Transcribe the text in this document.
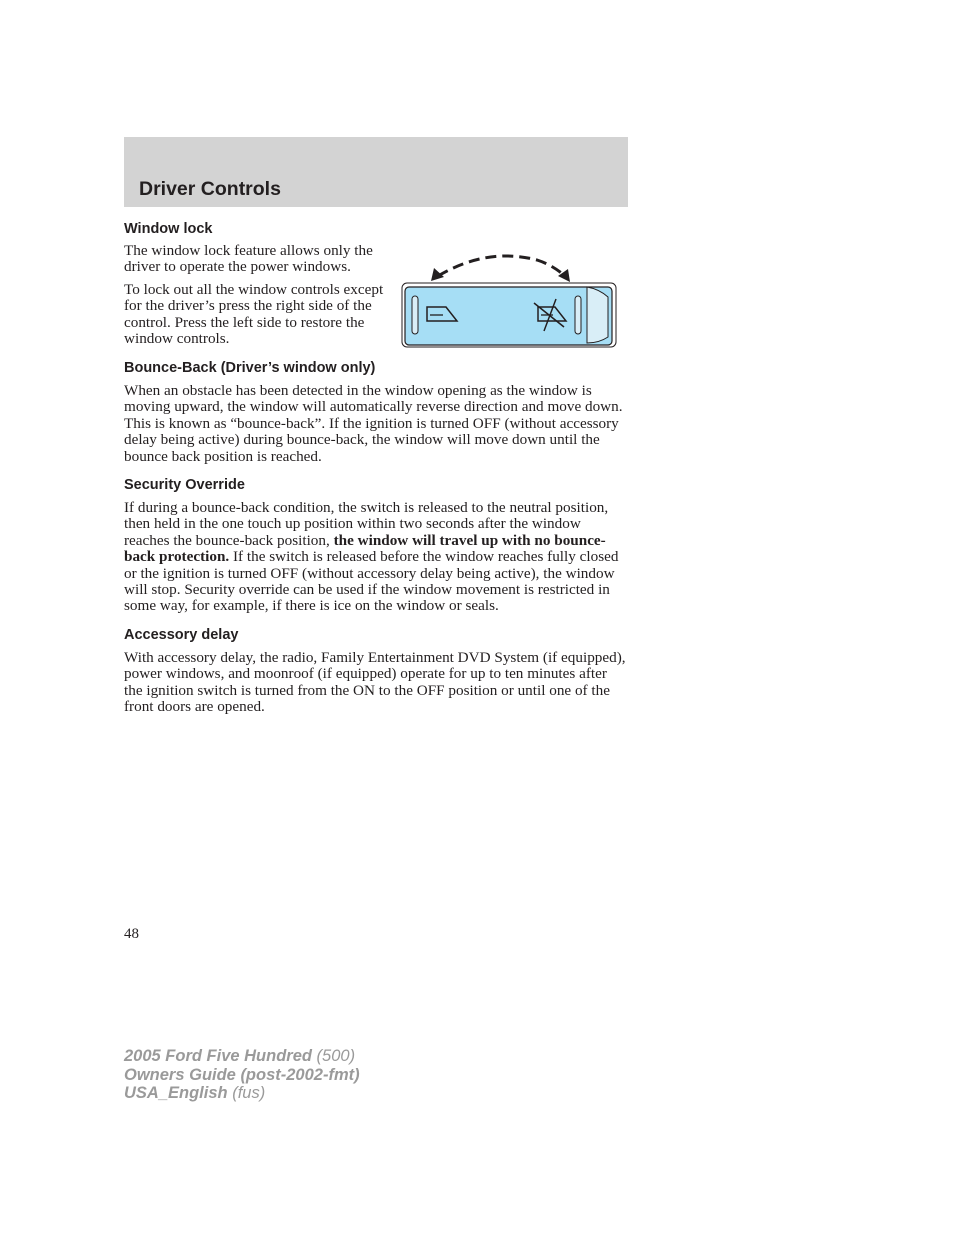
Driver Controls
Window lock

The window lock feature allows only the driver to operate the power windows.

To lock out all the window controls except for the driver’s press the right side of the control. Press the left side to restore the window controls.

Bounce-Back (Driver’s window only)

When an obstacle has been detected in the window opening as the window is moving upward, the window will automatically reverse direction and move down. This is known as “bounce-back”. If the ignition is turned OFF (without accessory delay being active) during bounce-back, the window will move down until the bounce back position is reached.

Security Override

If during a bounce-back condition, the switch is released to the neutral position, then held in the one touch up position within two seconds after the window reaches the bounce-back position, the window will travel up with no bounce-back protection. If the switch is released before the window reaches fully closed or the ignition is turned OFF (without accessory delay being active), the window will stop. Security override can be used if the window movement is restricted in some way, for example, if there is ice on the window or seals.

Accessory delay

With accessory delay, the radio, Family Entertainment DVD System (if equipped), power windows, and moonroof (if equipped) operate for up to ten minutes after the ignition switch is turned from the ON to the OFF position or until one of the front doors are opened.

48

2005 Ford Five Hundred (500)
Owners Guide (post-2002-fmt)
USA_English (fus)
